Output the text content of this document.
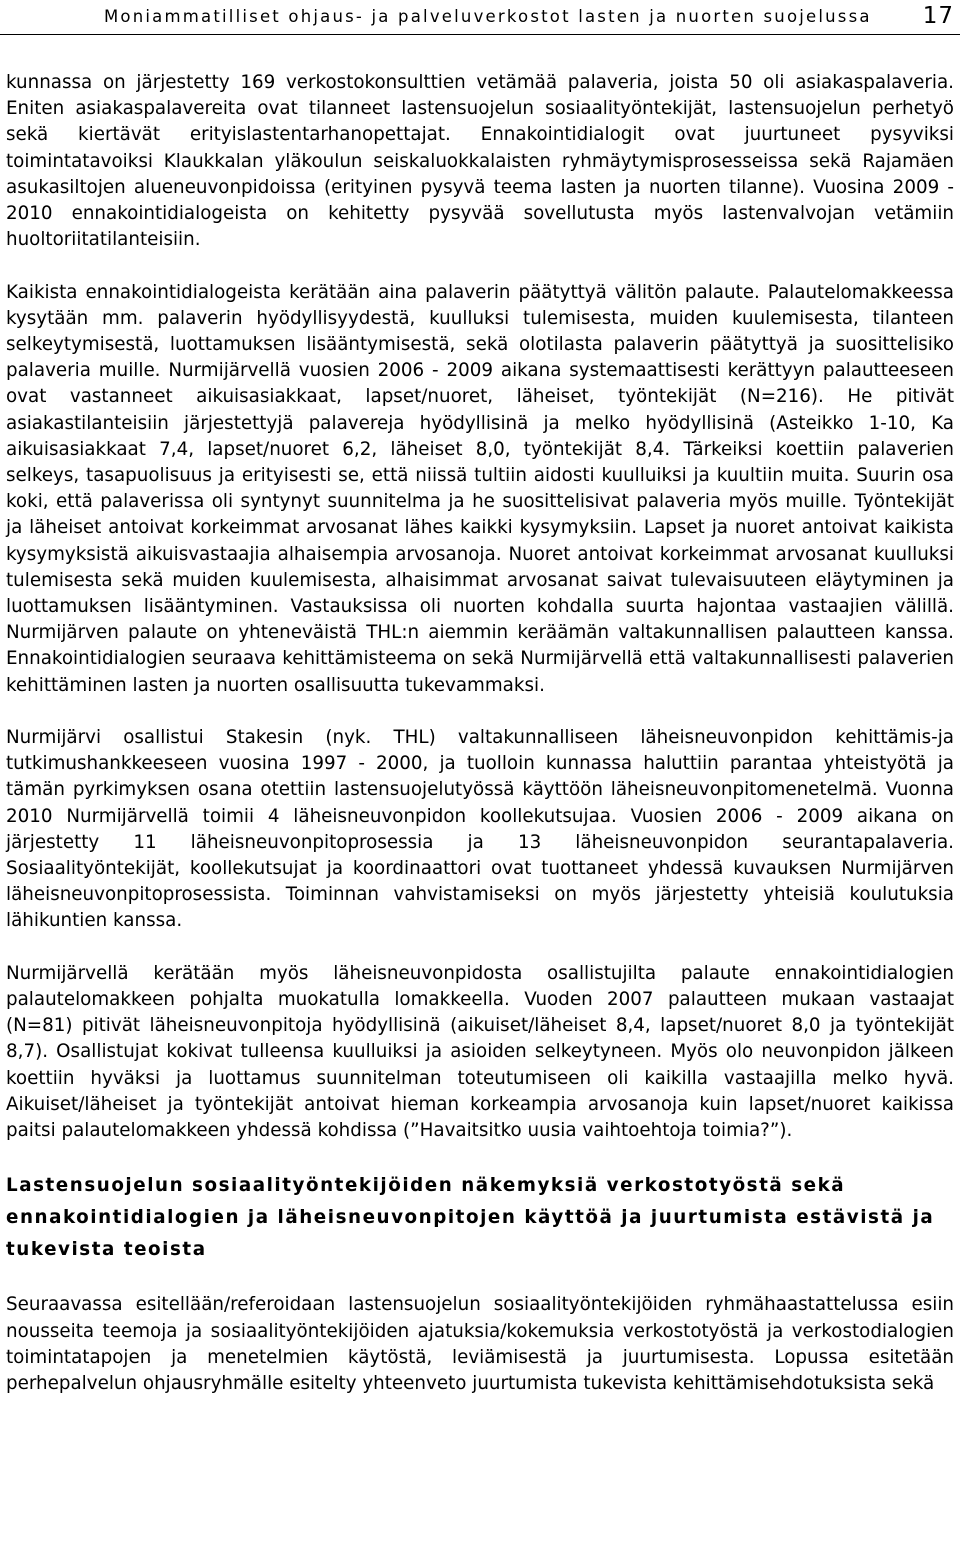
Moniammatilliset ohjaus- ja palveluverkostot lasten ja nuorten suojelussa 17

kunnassa on järjestetty 169 verkostokonsulttien vetämää palaveria, joista 50 oli asiakaspalaveria. Eniten asiakaspalavereita ovat tilanneet lastensuojelun sosiaalityöntekijät, lastensuojelun perhetyö sekä kiertävät erityislastentarhanopettajat. Ennakointidialogit ovat juurtuneet pysyviksi toimintatavoiksi Klaukkalan yläkoulun seiskaluokkalaisten ryhmäytymisprosesseissa sekä Rajamäen asukasiltojen alueneuvonpidoissa (erityinen pysyvä teema lasten ja nuorten tilanne). Vuosina 2009 - 2010 ennakointidialogeista on kehitetty pysyvää sovellutusta myös lastenvalvojan vetämiin huoltoriitatilanteisiin.

Kaikista ennakointidialogeista kerätään aina palaverin päätyttyä välitön palaute. Palautelomakkeessa kysytään mm. palaverin hyödyllisyydestä, kuulluksi tulemisesta, muiden kuulemisesta, tilanteen selkeytymisestä, luottamuksen lisääntymisestä, sekä olotilasta palaverin päätyttyä ja suosittelisiko palaveria muille. Nurmijärvellä vuosien 2006 - 2009 aikana systemaattisesti kerättyyn palautteeseen ovat vastanneet aikuisasiakkaat, lapset/nuoret, läheiset, työntekijät (N=216). He pitivät asiakastilanteisiin järjestettyjä palavereja hyödyllisinä ja melko hyödyllisinä (Asteikko 1-10, Ka aikuisasiakkaat 7,4, lapset/nuoret 6,2, läheiset 8,0, työntekijät 8,4. Tärkeiksi koettiin palaverien selkeys, tasapuolisuus ja erityisesti se, että niissä tultiin aidosti kuulluiksi ja kuultiin muita. Suurin osa koki, että palaverissa oli syntynyt suunnitelma ja he suosittelisivat palaveria myös muille. Työntekijät ja läheiset antoivat korkeimmat arvosanat lähes kaikki kysymyksiin. Lapset ja nuoret antoivat kaikista kysymyksistä aikuisvastaajia alhaisempia arvosanoja. Nuoret antoivat korkeimmat arvosanat kuulluksi tulemisesta sekä muiden kuulemisesta, alhaisimmat arvosanat saivat tulevaisuuteen eläytyminen ja luottamuksen lisääntyminen. Vastauksissa oli nuorten kohdalla suurta hajontaa vastaajien välillä. Nurmijärven palaute on yhteneväistä THL:n aiemmin keräämän valtakunnallisen palautteen kanssa. Ennakointidialogien seuraava kehittämisteema on sekä Nurmijärvellä että valtakunnallisesti palaverien kehittäminen lasten ja nuorten osallisuutta tukevammaksi.

Nurmijärvi osallistui Stakesin (nyk. THL) valtakunnalliseen läheisneuvonpidon kehittämis-ja tutkimushankkeeseen vuosina 1997 - 2000, ja tuolloin kunnassa haluttiin parantaa yhteistyötä ja tämän pyrkimyksen osana otettiin lastensuojelutyössä käyttöön läheisneuvonpitomenetelmä. Vuonna 2010 Nurmijärvellä toimii 4 läheisneuvonpidon koollekutsujaa. Vuosien 2006 - 2009 aikana on järjestetty 11 läheisneuvonpitoprosessia ja 13 läheisneuvonpidon seurantapalaveria. Sosiaalityöntekijät, koollekutsujat ja koordinaattori ovat tuottaneet yhdessä kuvauksen Nurmijärven läheisneuvonpitoprosessista. Toiminnan vahvistamiseksi on myös järjestetty yhteisiä koulutuksia lähikuntien kanssa.

Nurmijärvellä kerätään myös läheisneuvonpidosta osallistujilta palaute ennakointidialogien palautelomakkeen pohjalta muokatulla lomakkeella. Vuoden 2007 palautteen mukaan vastaajat (N=81) pitivät läheisneuvonpitoja hyödyllisinä (aikuiset/läheiset 8,4, lapset/nuoret 8,0 ja työntekijät 8,7). Osallistujat kokivat tulleensa kuulluiksi ja asioiden selkeytyneen. Myös olo neuvonpidon jälkeen koettiin hyväksi ja luottamus suunnitelman toteutumiseen oli kaikilla vastaajilla melko hyvä. Aikuiset/läheiset ja työntekijät antoivat hieman korkeampia arvosanoja kuin lapset/nuoret kaikissa paitsi palautelomakkeen yhdessä kohdissa (”Havaitsitko uusia vaihtoehtoja toimia?”).

Lastensuojelun sosiaalityöntekijöiden näkemyksiä verkostotyöstä sekä ennakointidialogien ja läheisneuvonpitojen käyttöä ja juurtumista estävistä ja tukevista teoista

Seuraavassa esitellään/referoidaan lastensuojelun sosiaalityöntekijöiden ryhmähaastattelussa esiin nousseita teemoja ja sosiaalityöntekijöiden ajatuksia/kokemuksia verkostotyöstä ja verkostodialogien toimintatapojen ja menetelmien käytöstä, leviämisestä ja juurtumisesta. Lopussa esitetään perhepalvelun ohjausryhmälle esitelty yhteenveto juurtumista tukevista kehittämisehdotuksista sekä
